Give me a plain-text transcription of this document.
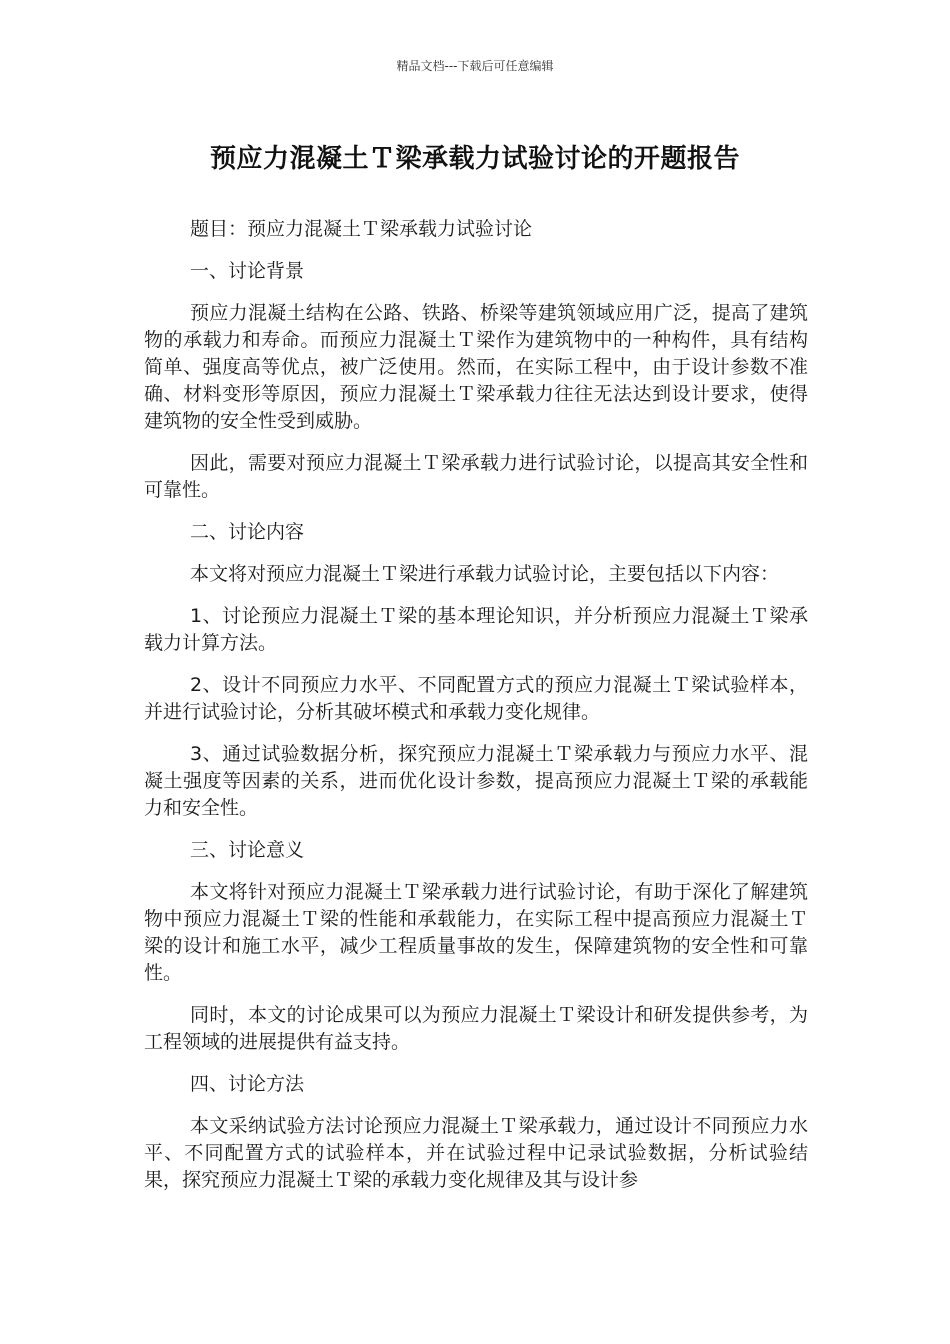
精品文档---下载后可任意编辑
预应力混凝土Ｔ梁承载力试验讨论的开题报告

题目：预应力混凝土Ｔ梁承载力试验讨论

一、讨论背景

预应力混凝土结构在公路、铁路、桥梁等建筑领域应用广泛，提高了建筑物的承载力和寿命。而预应力混凝土Ｔ梁作为建筑物中的一种构件，具有结构简单、强度高等优点，被广泛使用。然而，在实际工程中，由于设计参数不准确、材料变形等原因，预应力混凝土Ｔ梁承载力往往无法达到设计要求，使得建筑物的安全性受到威胁。

因此，需要对预应力混凝土Ｔ梁承载力进行试验讨论，以提高其安全性和可靠性。

二、讨论内容

本文将对预应力混凝土Ｔ梁进行承载力试验讨论，主要包括以下内容：

1、讨论预应力混凝土Ｔ梁的基本理论知识，并分析预应力混凝土Ｔ梁承载力计算方法。

2、设计不同预应力水平、不同配置方式的预应力混凝土Ｔ梁试验样本，并进行试验讨论，分析其破坏模式和承载力变化规律。

3、通过试验数据分析，探究预应力混凝土Ｔ梁承载力与预应力水平、混凝土强度等因素的关系，进而优化设计参数，提高预应力混凝土Ｔ梁的承载能力和安全性。

三、讨论意义

本文将针对预应力混凝土Ｔ梁承载力进行试验讨论，有助于深化了解建筑物中预应力混凝土Ｔ梁的性能和承载能力，在实际工程中提高预应力混凝土Ｔ梁的设计和施工水平，减少工程质量事故的发生，保障建筑物的安全性和可靠性。

同时，本文的讨论成果可以为预应力混凝土Ｔ梁设计和研发提供参考，为工程领域的进展提供有益支持。

四、讨论方法

本文采纳试验方法讨论预应力混凝土Ｔ梁承载力，通过设计不同预应力水平、不同配置方式的试验样本，并在试验过程中记录试验数据，分析试验结果，探究预应力混凝土Ｔ梁的承载力变化规律及其与设计参
